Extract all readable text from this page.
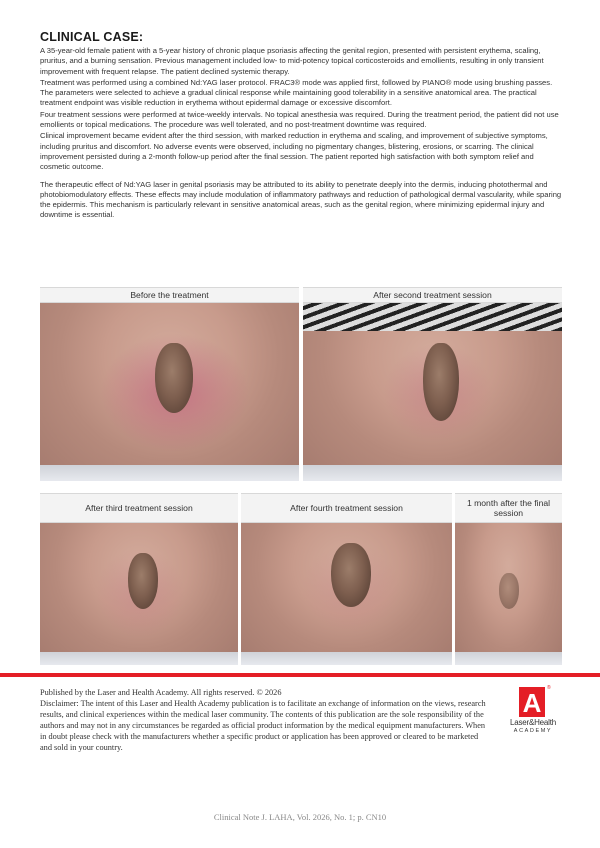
CLINICAL CASE:

A 35-year-old female patient with a 5-year history of chronic plaque psoriasis affecting the genital region, presented with persistent erythema, scaling, pruritus, and a burning sensation. Previous management included low- to mid-potency topical corticosteroids and emollients, resulting in only transient improvement with frequent relapse. The patient declined systemic therapy.

Treatment was performed using a combined Nd:YAG laser protocol. FRAC3® mode was applied first, followed by PIANO® mode using brushing passes. The parameters were selected to achieve a gradual clinical response while maintaining good tolerability in a sensitive anatomical area. The practical treatment endpoint was visible reduction in erythema without epidermal damage or excessive discomfort.

Four treatment sessions were performed at twice-weekly intervals. No topical anesthesia was required. During the treatment period, the patient did not use emollients or topical medications. The procedure was well tolerated, and no post-treatment downtime was required.

Clinical improvement became evident after the third session, with marked reduction in erythema and scaling, and improvement of subjective symptoms, including pruritus and discomfort. No adverse events were observed, including no pigmentary changes, blistering, erosions, or scarring. The clinical improvement persisted during a 2-month follow-up period after the final session. The patient reported high satisfaction with both symptom relief and cosmetic outcome.

The therapeutic effect of Nd:YAG laser in genital psoriasis may be attributed to its ability to penetrate deeply into the dermis, inducing photothermal and photobiomodulatory effects. These effects may include modulation of inflammatory pathways and reduction of pathological dermal vascularity, while sparing the epidermis. This mechanism is particularly relevant in sensitive anatomical areas, such as the genital region, where minimizing epidermal injury and downtime is essential.

Before the treatment	After second treatment session
After third treatment session	After fourth treatment session	1 month after the final session

Published by the Laser and Health Academy. All rights reserved. © 2026

Disclaimer: The intent of this Laser and Health Academy publication is to facilitate an exchange of information on the views, research results, and clinical experiences within the medical laser community. The contents of this publication are the sole responsibility of the authors and may not in any circumstances be regarded as official product information by the medical equipment manufacturers. When in doubt please check with the manufacturers whether a specific product or application has been approved or cleared to be marketed and sold in your country.

A	®
Laser&Health
ACADEMY
Clinical Note J. LAHA, Vol. 2026, No. 1; p. CN10
